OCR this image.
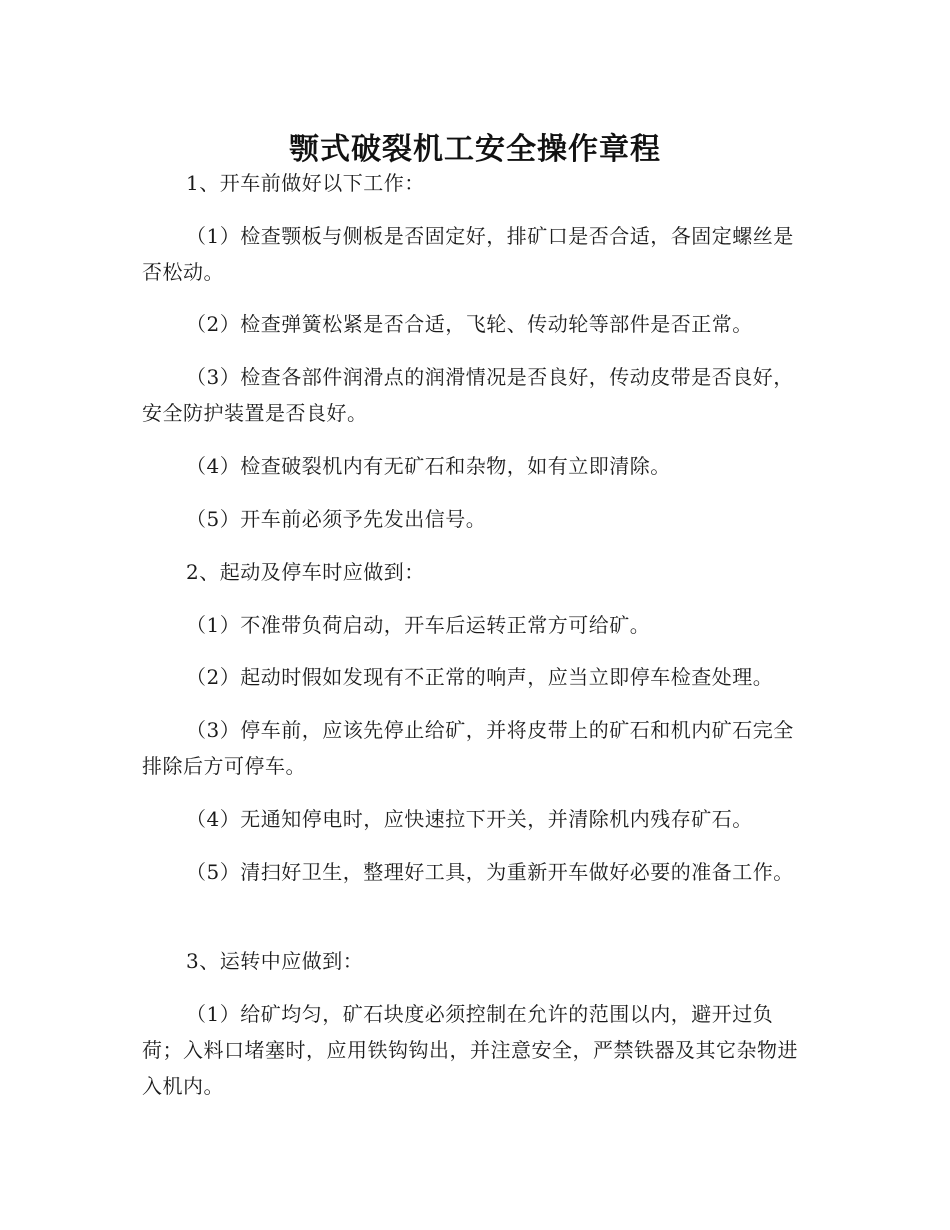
颚式破裂机工安全操作章程

1、开车前做好以下工作：

（1）检查颚板与侧板是否固定好，排矿口是否合适，各固定螺丝是否松动。

（2）检查弹簧松紧是否合适，飞轮、传动轮等部件是否正常。

（3）检查各部件润滑点的润滑情况是否良好，传动皮带是否良好，安全防护装置是否良好。

（4）检查破裂机内有无矿石和杂物，如有立即清除。

（5）开车前必须予先发出信号。

2、起动及停车时应做到：

（1）不准带负荷启动，开车后运转正常方可给矿。

（2）起动时假如发现有不正常的响声，应当立即停车检查处理。

（3）停车前，应该先停止给矿，并将皮带上的矿石和机内矿石完全排除后方可停车。

（4）无通知停电时，应快速拉下开关，并清除机内残存矿石。

（5）清扫好卫生，整理好工具，为重新开车做好必要的准备工作。

3、运转中应做到：

（1）给矿均匀，矿石块度必须控制在允许的范围以内，避开过负荷；入料口堵塞时，应用铁钩钩出，并注意安全，严禁铁器及其它杂物进入机内。
